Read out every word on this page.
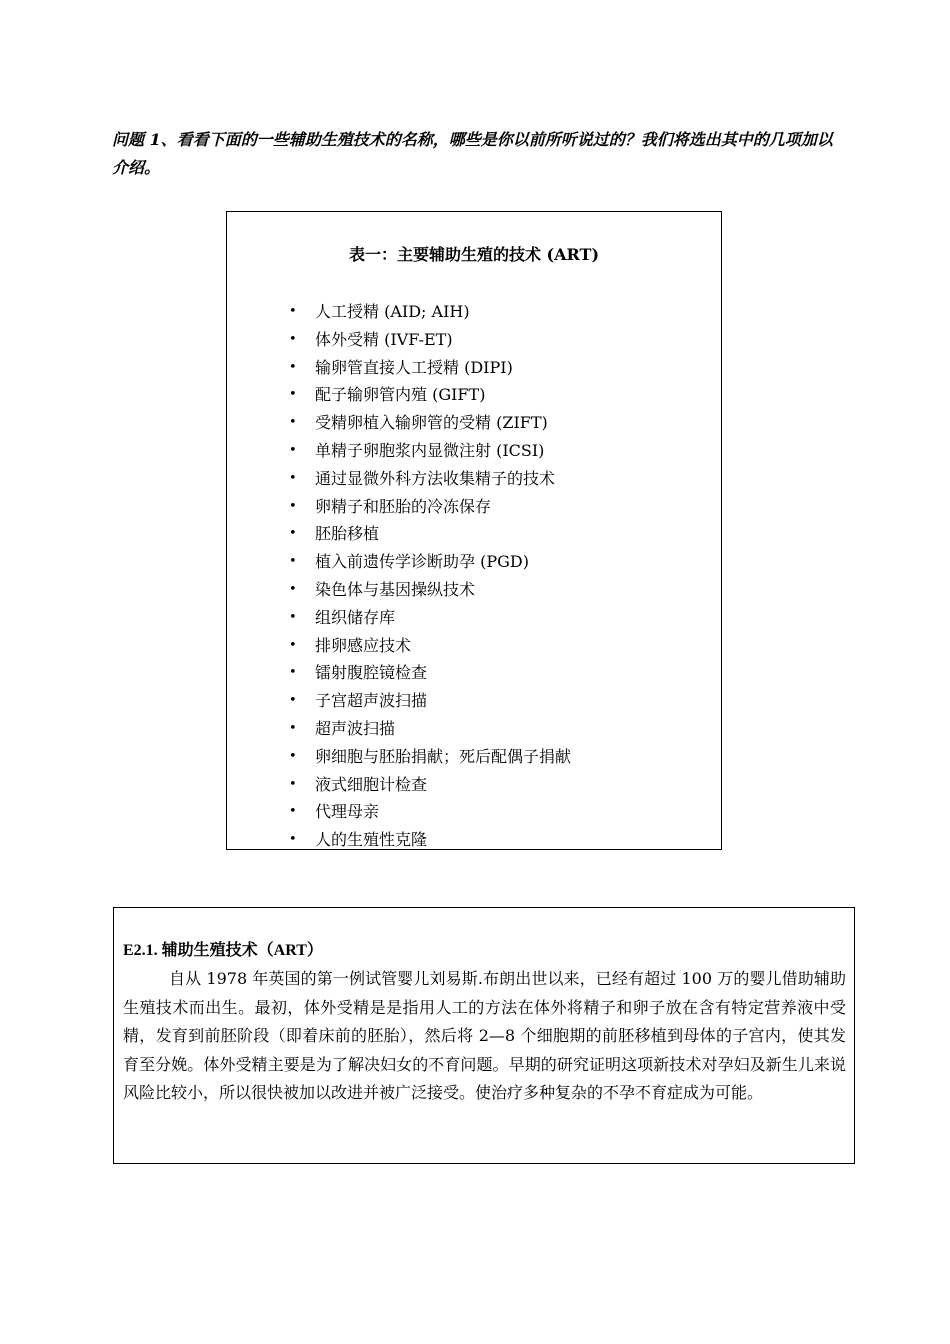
问题 1、看看下面的一些辅助生殖技术的名称，哪些是你以前所听说过的？我们将选出其中的几项加以介绍。
表一：主要辅助生殖的技术 (ART)
•	人工授精 (AID; AIH)
•	体外受精 (IVF-ET)
•	输卵管直接人工授精 (DIPI)
•	配子输卵管内殖 (GIFT)
•	受精卵植入输卵管的受精 (ZIFT)
•	单精子卵胞浆内显微注射 (ICSI)
•	通过显微外科方法收集精子的技术
•	卵精子和胚胎的冷冻保存
•	胚胎移植
•	植入前遗传学诊断助孕 (PGD)
•	染色体与基因操纵技术
•	组织储存库
•	排卵感应技术
•	镭射腹腔镜检查
•	子宫超声波扫描
•	超声波扫描
•	卵细胞与胚胎捐献；死后配偶子捐献
•	液式细胞计检查
•	代理母亲
•	人的生殖性克隆
E2.1. 辅助生殖技术（ART）

自从 1978 年英国的第一例试管婴儿刘易斯.布朗出世以来，已经有超过 100 万的婴儿借助辅助生殖技术而出生。最初，体外受精是是指用人工的方法在体外将精子和卵子放在含有特定营养液中受精，发育到前胚阶段（即着床前的胚胎），然后将 2—8 个细胞期的前胚移植到母体的子宫内，使其发育至分娩。体外受精主要是为了解决妇女的不育问题。早期的研究证明这项新技术对孕妇及新生儿来说风险比较小，所以很快被加以改进并被广泛接受。使治疗多种复杂的不孕不育症成为可能。
